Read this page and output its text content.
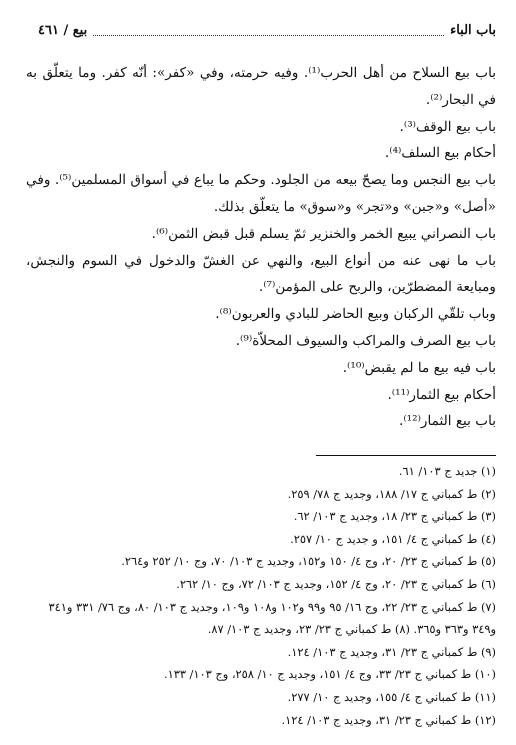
باب الباء
بيع / ٤٦١

باب بيع السلاح من أهل الحرب⁽¹⁾. وفيه حرمته، وفي «كفر»: أنّه كفر. وما يتعلّق به في البحار⁽²⁾.

باب بيع الوقف⁽³⁾.

أحكام بيع السلف⁽⁴⁾.

باب بيع النجس وما يصحّ بيعه من الجلود. وحكم ما يباع في أسواق المسلمين⁽⁵⁾. وفي «أصل» و«جبن» و«تجر» و«سوق» ما يتعلّق بذلك.

باب النصراني يبيع الخمر والخنزير ثمّ يسلم قبل قبض الثمن⁽⁶⁾.

باب ما نهى عنه من أنواع البيع، والنهي عن الغشّ والدخول في السوم والنجش، ومبايعة المضطرّين، والربح على المؤمن⁽⁷⁾.

وباب تلقّي الركبان وبيع الحاضر للبادي والعربون⁽⁸⁾.

باب بيع الصرف والمراكب والسيوف المحلاّة⁽⁹⁾.

باب فيه بيع ما لم يقبض⁽¹⁰⁾.

أحكام بيع الثمار⁽¹¹⁾.

باب بيع الثمار⁽¹²⁾.

(١) جديد ج ١٠٣/ ٦١.
(٢) ط كمباني ج ١٧/ ١٨٨، وجديد ج ٧٨/ ٢٥٩.
(٣) ط كمباني ج ٢٣/ ١٨، وجديد ج ١٠٣/ ٦٢.
(٤) ط كمباني ج ٤/ ١٥١، و جديد ج ١٠/ ٢٥٧.
(٥) ط كمباني ج ٢٣/ ٢٠، وج ٤/ ١٥٠ و١٥٢، وجديد ج ١٠٣/ ٧٠، وج ١٠/ ٢٥٢ و٢٦٤.
(٦) ط كمباني ج ٢٣/ ٢٠، وج ٤/ ١٥٢، وجديد ج ١٠٣/ ٧٢، وج ١٠/ ٢٦٢.
(٧) ط كمباني ج ٢٣/ ٢٢، وج ١٦/ ٩٥ و٩٩ و١٠٢ و١٠٨ و١٠٩، وجديد ج ١٠٣/ ٨٠، وج ٧٦/ ٣٣١ و٣٤١ و٣٤٩ و٣٦٣ و٣٦٥. (٨) ط كمباني ج ٢٣/ ٢٣، وجديد ج ١٠٣/ ٨٧.
(٩) ط كمباني ج ٢٣/ ٣١، وجديد ج ١٠٣/ ١٢٤.
(١٠) ط كمباني ج ٢٣/ ٣٣، وج ٤/ ١٥١، وجديد ج ١٠/ ٢٥٨، وج ١٠٣/ ١٣٣.
(١١) ط كمباني ج ٤/ ١٥٥، وجديد ج ١٠/ ٢٧٧.
(١٢) ط كمباني ج ٢٣/ ٣١، وجديد ج ١٠٣/ ١٢٤.
